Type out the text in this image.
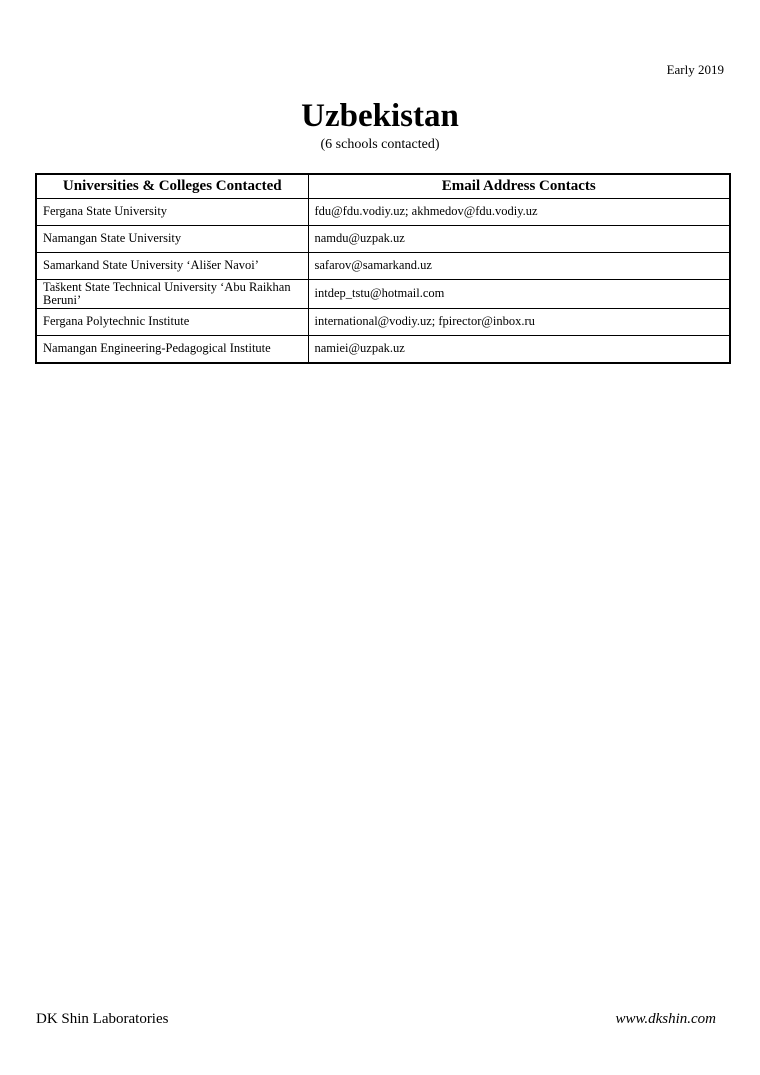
Early 2019
Uzbekistan
(6 schools contacted)
Universities & Colleges Contacted	Email Address Contacts
Fergana State University	fdu@fdu.vodiy.uz; akhmedov@fdu.vodiy.uz
Namangan State University	namdu@uzpak.uz
Samarkand State University ‘Ališer Navoi’	safarov@samarkand.uz
Taškent State Technical University ‘Abu Raikhan Beruni’	intdep_tstu@hotmail.com
Fergana Polytechnic Institute	international@vodiy.uz; fpirector@inbox.ru
Namangan Engineering-Pedagogical Institute	namiei@uzpak.uz
DK Shin Laboratories	www.dkshin.com
